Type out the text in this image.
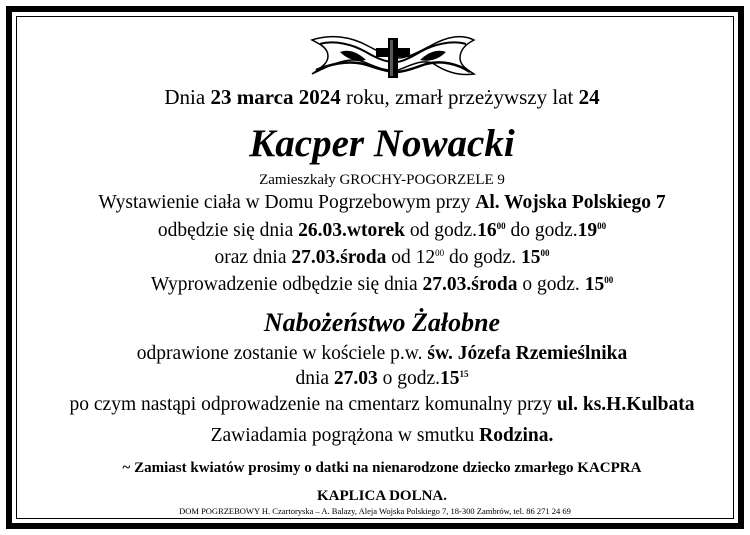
Dnia 23 marca 2024 roku, zmarł przeżywszy lat 24
Kacper Nowacki
Zamieszkały GROCHY-POGORZELE 9
Wystawienie ciała w Domu Pogrzebowym przy Al. Wojska Polskiego 7
odbędzie się dnia 26.03.wtorek od $godz.16^{00}$ do $godz.19^{00}$
oraz dnia 27.03.środa od $12^{00}$ do godz. $15^{00}$
Wyprowadzenie odbędzie się dnia 27.03.środa o godz. $15^{00}$
Nabożeństwo Żałobne
odprawione zostanie w kościele p.w. św. Józefa Rzemieślnika
dnia 27.03 o $godz.15^{15}$
po czym nastąpi odprowadzenie na cmentarz komunalny przy ul. ks.H.Kulbata
Zawiadamia pogrążona w smutku Rodzina.
~ Zamiast kwiatów prosimy o datki na nienarodzone dziecko zmarłego KACPRA
KAPLICA DOLNA.
DOM POGRZEBOWY H. Czartoryska – A. Balazy, Aleja Wojska Polskiego 7, 18-300 Zambrów, tel. 86 271 24 69
